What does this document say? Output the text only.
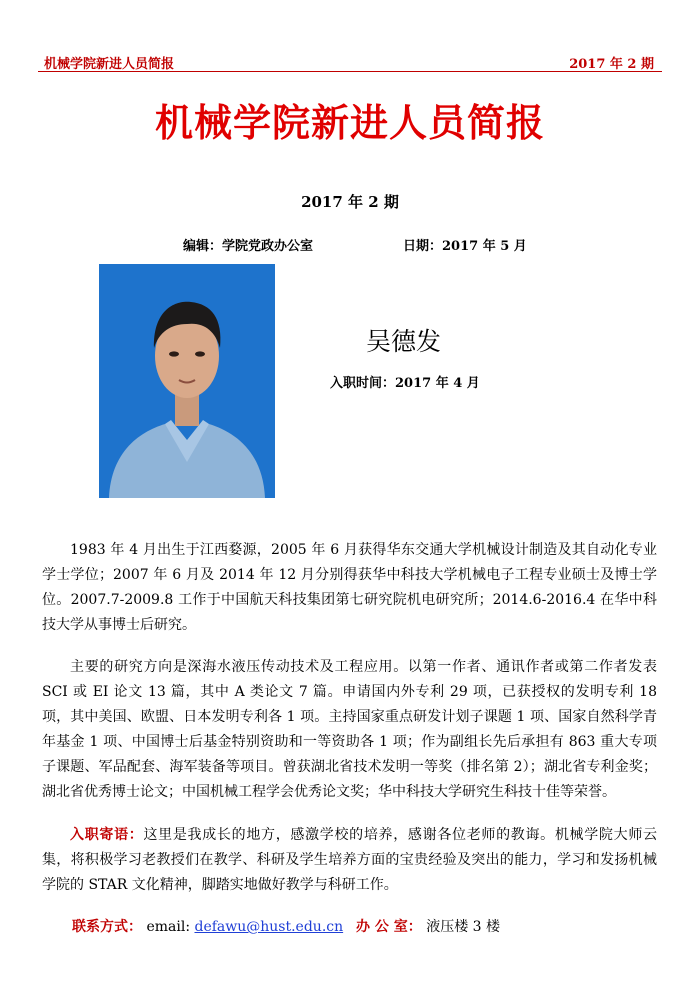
机械学院新进人员简报	2017 年 2 期
机械学院新进人员简报
2017 年 2 期
编辑：学院党政办公室	日期：2017 年 5 月
吴德发
入职时间：2017 年 4 月

1983 年 4 月出生于江西婺源，2005 年 6 月获得华东交通大学机械设计制造及其自动化专业学士学位；2007 年 6 月及 2014 年 12 月分别得获华中科技大学机械电子工程专业硕士及博士学位。2007.7-2009.8 工作于中国航天科技集团第七研究院机电研究所；2014.6-2016.4 在华中科技大学从事博士后研究。

主要的研究方向是深海水液压传动技术及工程应用。以第一作者、通讯作者或第二作者发表 SCI 或 EI 论文 13 篇，其中 A 类论文 7 篇。申请国内外专利 29 项，已获授权的发明专利 18 项，其中美国、欧盟、日本发明专利各 1 项。主持国家重点研发计划子课题 1 项、国家自然科学青年基金 1 项、中国博士后基金特别资助和一等资助各 1 项；作为副组长先后承担有 863 重大专项子课题、军品配套、海军装备等项目。曾获湖北省技术发明一等奖（排名第 2）；湖北省专利金奖；湖北省优秀博士论文；中国机械工程学会优秀论文奖；华中科技大学研究生科技十佳等荣誉。

入职寄语：这里是我成长的地方，感激学校的培养，感谢各位老师的教诲。机械学院大师云集，将积极学习老教授们在教学、科研及学生培养方面的宝贵经验及突出的能力，学习和发扬机械学院的 STAR 文化精神，脚踏实地做好教学与科研工作。

联系方式： email: defawu@hust.edu.cn 办 公 室： 液压楼 3 楼
